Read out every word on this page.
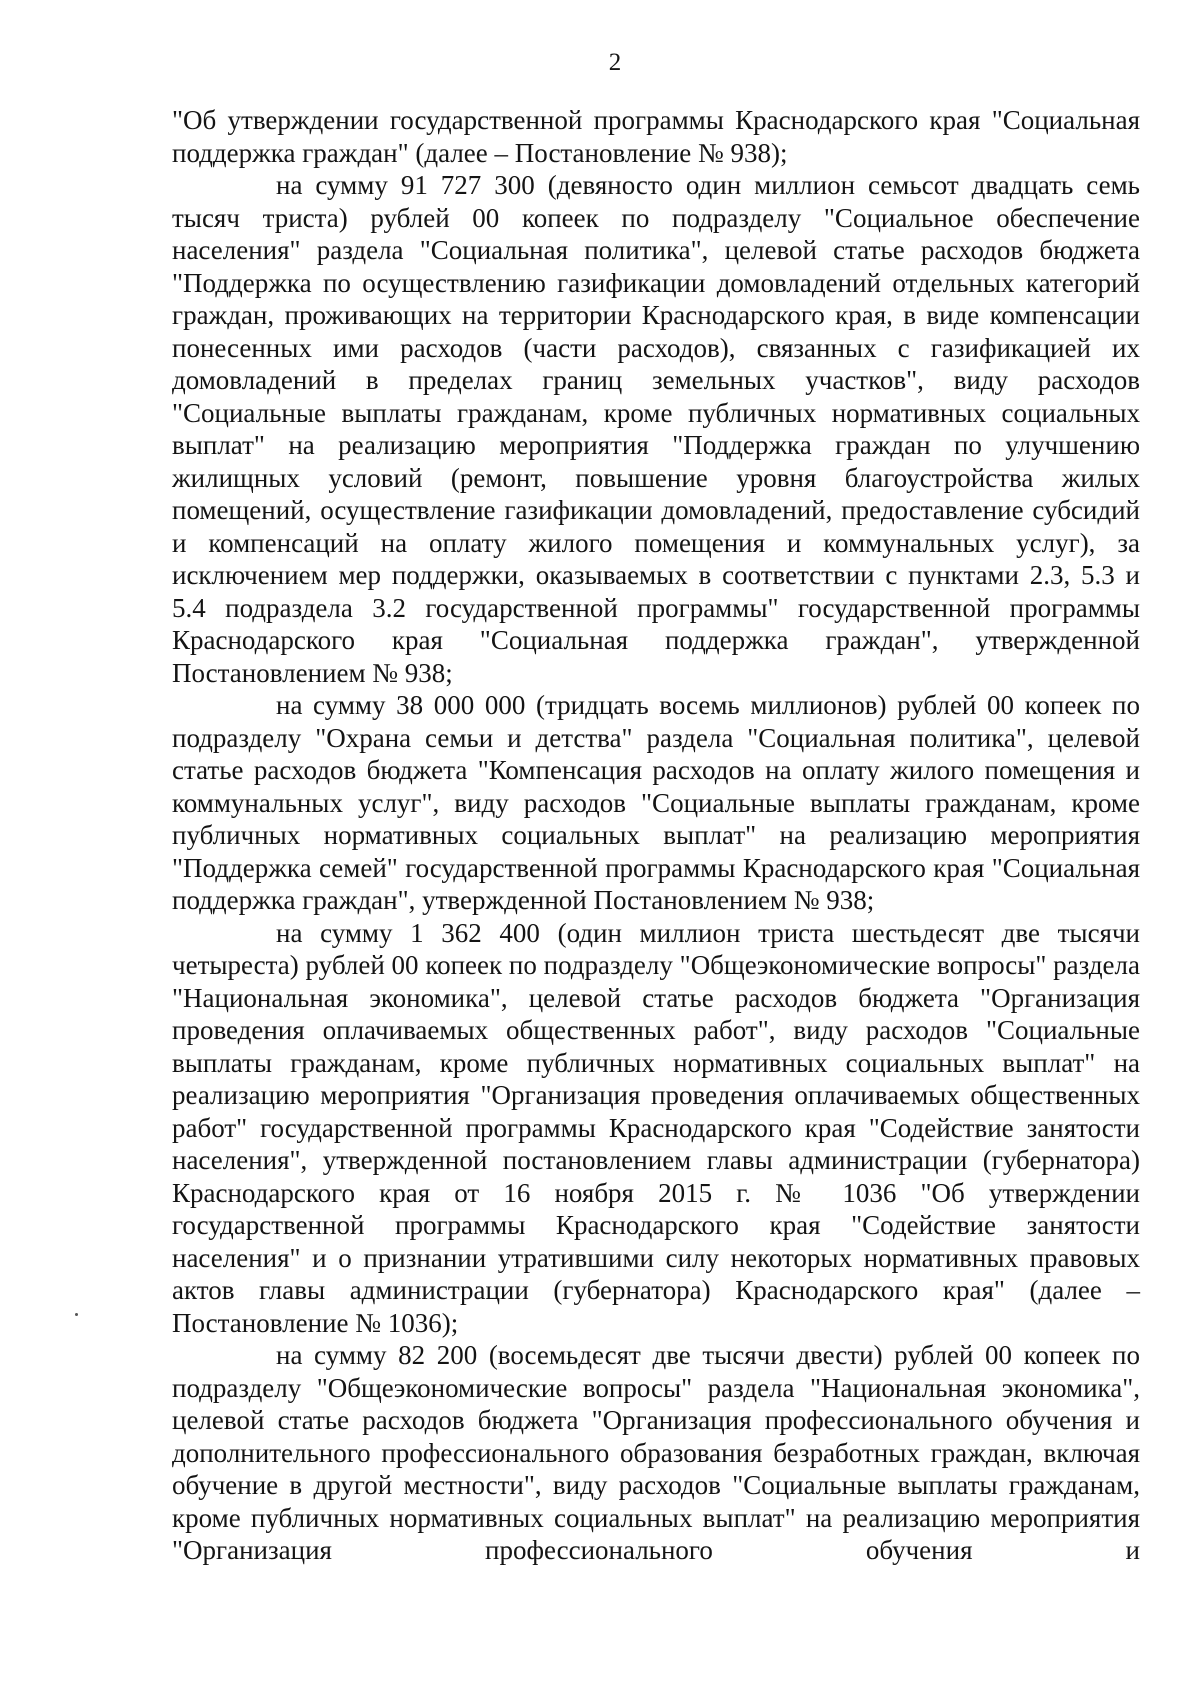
2

"Об утверждении государственной программы Краснодарского края "Социальная поддержка граждан" (далее – Постановление № 938);

на сумму 91 727 300 (девяносто один миллион семьсот двадцать семь тысяч триста) рублей 00 копеек по подразделу "Социальное обеспечение населения" раздела "Социальная политика", целевой статье расходов бюджета "Поддержка по осуществлению газификации домовладений отдельных категорий граждан, проживающих на территории Краснодарского края, в виде компенсации понесенных ими расходов (части расходов), связанных с газификацией их домовладений в пределах границ земельных участков", виду расходов "Социальные выплаты гражданам, кроме публичных нормативных социальных выплат" на реализацию мероприятия "Поддержка граждан по улучшению жилищных условий (ремонт, повышение уровня благоустройства жилых помещений, осуществление газификации домовладений, предоставление субсидий и компенсаций на оплату жилого помещения и коммунальных услуг), за исключением мер поддержки, оказываемых в соответствии с пунктами 2.3, 5.3 и 5.4 подраздела 3.2 государственной программы" государственной программы Краснодарского края "Социальная поддержка граждан", утвержденной Постановлением № 938;

на сумму 38 000 000 (тридцать восемь миллионов) рублей 00 копеек по подразделу "Охрана семьи и детства" раздела "Социальная политика", целевой статье расходов бюджета "Компенсация расходов на оплату жилого помещения и коммунальных услуг", виду расходов "Социальные выплаты гражданам, кроме публичных нормативных социальных выплат" на реализацию мероприятия "Поддержка семей" государственной программы Краснодарского края "Социальная поддержка граждан", утвержденной Постановлением № 938;

на сумму 1 362 400 (один миллион триста шестьдесят две тысячи четыреста) рублей 00 копеек по подразделу "Общеэкономические вопросы" раздела "Национальная экономика", целевой статье расходов бюджета "Организация проведения оплачиваемых общественных работ", виду расходов "Социальные выплаты гражданам, кроме публичных нормативных социальных выплат" на реализацию мероприятия "Организация проведения оплачиваемых общественных работ" государственной программы Краснодарского края "Содействие занятости населения", утвержденной постановлением главы администрации (губернатора) Краснодарского края от 16 ноября 2015 г. № 1036 "Об утверждении государственной программы Краснодарского края "Содействие занятости населения" и о признании утратившими силу некоторых нормативных правовых актов главы администрации (губернатора) Краснодарского края" (далее – Постановление № 1036);

на сумму 82 200 (восемьдесят две тысячи двести) рублей 00 копеек по подразделу "Общеэкономические вопросы" раздела "Национальная экономика", целевой статье расходов бюджета "Организация профессионального обучения и дополнительного профессионального образования безработных граждан, включая обучение в другой местности", виду расходов "Социальные выплаты гражданам, кроме публичных нормативных социальных выплат" на реализацию мероприятия "Организация профессионального обучения и
